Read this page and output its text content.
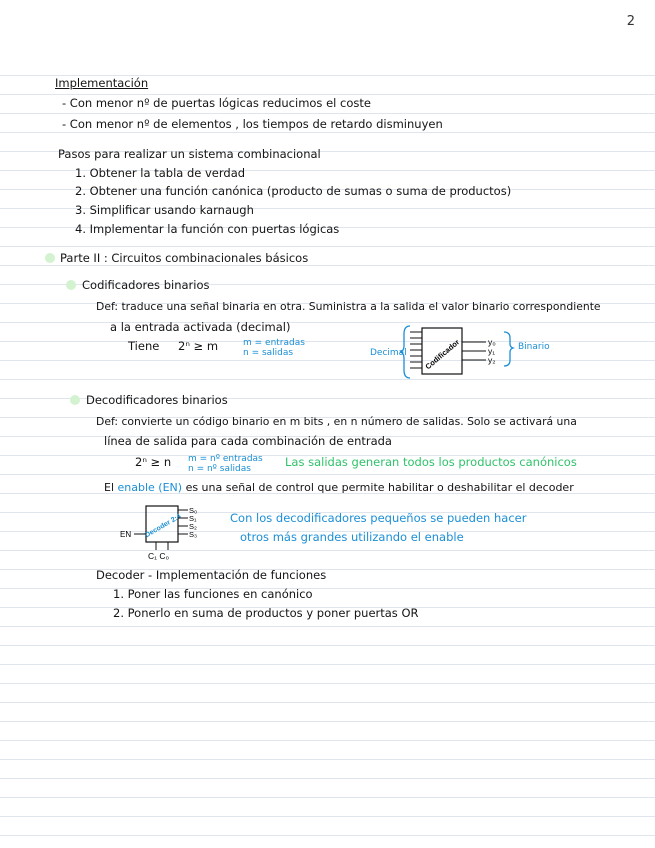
2
Implementación
- Con menor nº de puertas lógicas reducimos el coste
- Con menor nº de elementos , los tiempos de retardo disminuyen
Pasos para realizar un sistema combinacional
1. Obtener la tabla de verdad
2. Obtener una función canónica (producto de sumas o suma de productos)
3. Simplificar usando karnaugh
4. Implementar la función con puertas lógicas
Parte II : Circuitos combinacionales básicos
Codificadores binarios
Def: traduce una señal binaria en otra. Suministra a la salida el valor binario correspondiente
a la entrada activada (decimal)
Tiene 2ⁿ ≥ m	m = entradas
n = salidas	Decimal Codificador	y₀
y₁
y₂
Binario
Decodificadores binarios
Def: convierte un código binario en m bits , en n número de salidas. Solo se activará una
línea de salida para cada combinación de entrada
2ⁿ ≥ n m = nº entradas
n = nº salidas	Las salidas generan todos los productos canónicos
El enable (EN) es una señal de control que permite habilitar o deshabilitar el decoder
Decoder 2:4
S₀
S₁
S₂
S₃
EN
C₁ C₀
Con los decodificadores pequeños se pueden hacer
otros más grandes utilizando el enable
Decoder - Implementación de funciones
1. Poner las funciones en canónico
2. Ponerlo en suma de productos y poner puertas OR
